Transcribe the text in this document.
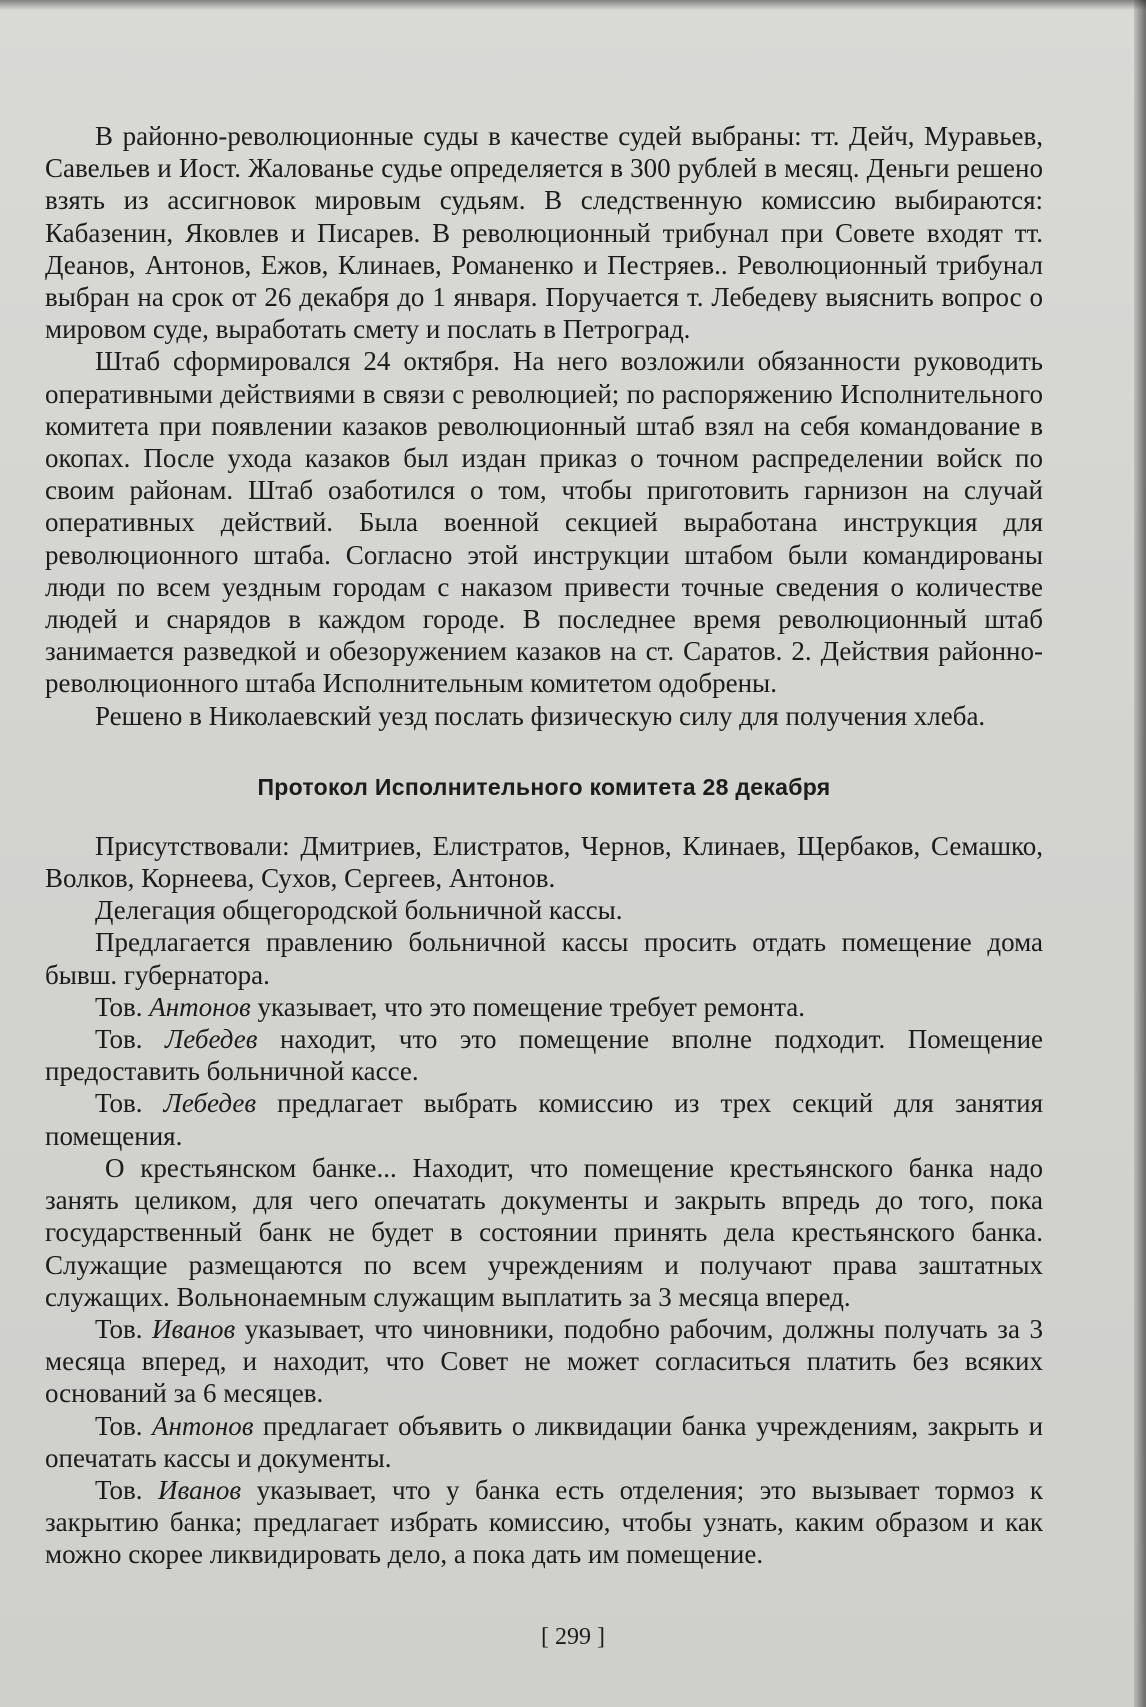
В районно-революционные суды в качестве судей выбраны: тт. Дейч, Муравьев, Савельев и Иост. Жалованье судье определяется в 300 рублей в месяц. Деньги решено взять из ассигновок мировым судьям. В следственную комиссию выбираются: Кабазенин, Яковлев и Писарев. В революционный трибунал при Совете входят тт. Деанов, Антонов, Ежов, Клинаев, Романенко и Пестряев.. Революционный трибунал выбран на срок от 26 декабря до 1 января. Поручается т. Лебедеву выяснить вопрос о мировом суде, выработать смету и послать в Петроград.

Штаб сформировался 24 октября. На него возложили обязанности руководить оперативными действиями в связи с революцией; по распоряжению Исполнительного комитета при появлении казаков революционный штаб взял на себя командование в окопах. После ухода казаков был издан приказ о точном распределении войск по своим районам. Штаб озаботился о том, чтобы приготовить гарнизон на случай оперативных действий. Была военной секцией выработана инструкция для революционного штаба. Согласно этой инструкции штабом были командированы люди по всем уездным городам с наказом привести точные сведения о количестве людей и снарядов в каждом городе. В последнее время революционный штаб занимается разведкой и обезоружением казаков на ст. Саратов. 2. Действия районно-революционного штаба Исполнительным комитетом одобрены.

Решено в Николаевский уезд послать физическую силу для получения хлеба.

Протокол Исполнительного комитета 28 декабря

Присутствовали: Дмитриев, Елистратов, Чернов, Клинаев, Щербаков, Семашко, Волков, Корнеева, Сухов, Сергеев, Антонов.

Делегация общегородской больничной кассы.

Предлагается правлению больничной кассы просить отдать помещение дома бывш. губернатора.

Тов. Антонов указывает, что это помещение требует ремонта.

Тов. Лебедев находит, что это помещение вполне подходит. Помещение предоставить больничной кассе.

Тов. Лебедев предлагает выбрать комиссию из трех секций для занятия помещения.

О крестьянском банке... Находит, что помещение крестьянского банка надо занять целиком, для чего опечатать документы и закрыть впредь до того, пока государственный банк не будет в состоянии принять дела крестьянского банка. Служащие размещаются по всем учреждениям и получают права заштатных служащих. Вольнонаемным служащим выплатить за 3 месяца вперед.

Тов. Иванов указывает, что чиновники, подобно рабочим, должны получать за 3 месяца вперед, и находит, что Совет не может согласиться платить без всяких оснований за 6 месяцев.

Тов. Антонов предлагает объявить о ликвидации банка учреждениям, закрыть и опечатать кассы и документы.

Тов. Иванов указывает, что у банка есть отделения; это вызывает тормоз к закрытию банка; предлагает избрать комиссию, чтобы узнать, каким образом и как можно скорее ликвидировать дело, а пока дать им помещение.

[ 299 ]
